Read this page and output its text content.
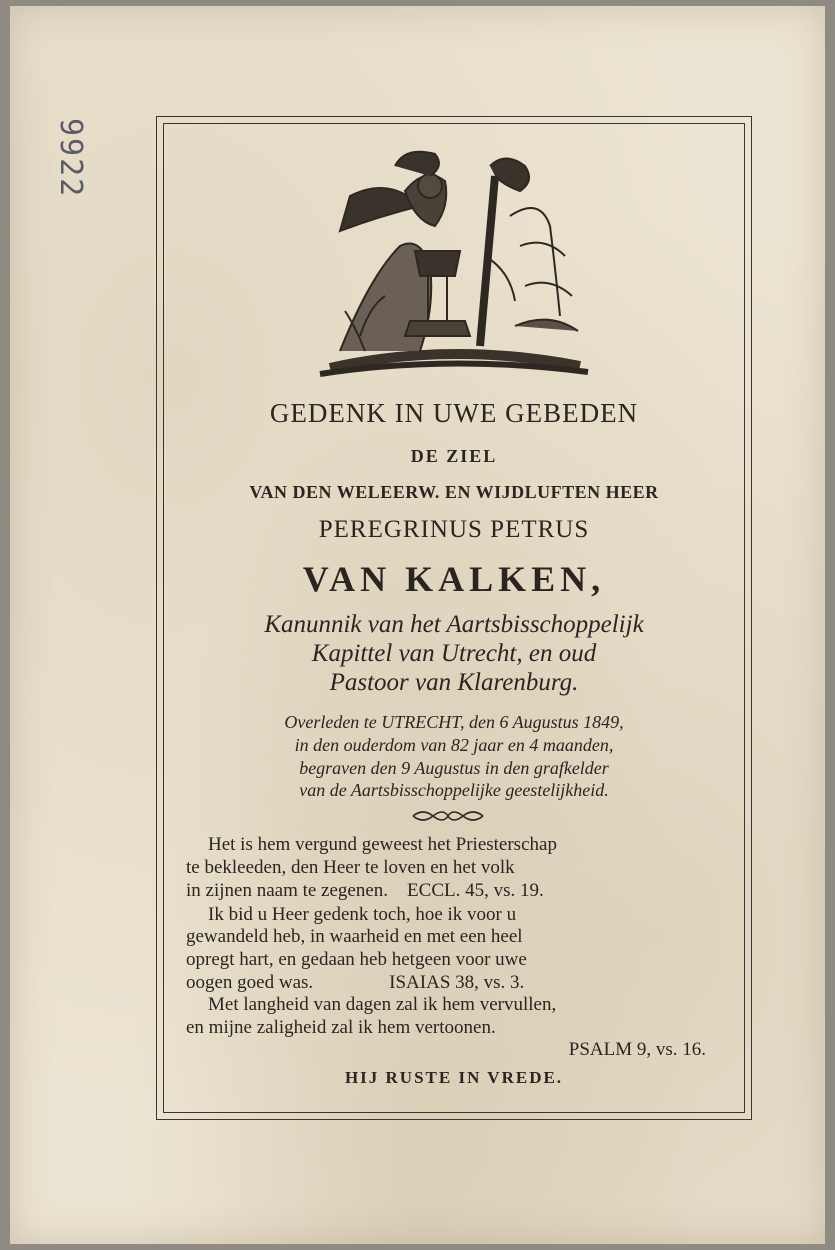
9922
GEDENK IN UWE GEBEDEN
DE ZIEL
VAN DEN WELEERW. EN WIJDLUFTEN HEER
PEREGRINUS PETRUS
VAN KALKEN,
Kanunnik van het Aartsbisschoppelijk
Kapittel van Utrecht, en oud
Pastoor van Klarenburg.
Overleden te UTRECHT, den 6 Augustus 1849,
in den ouderdom van 82 jaar en 4 maanden,
begraven den 9 Augustus in den grafkelder
van de Aartsbisschoppelijke geestelijkheid.
Het is hem vergund geweest het Priesterschap
te bekleeden, den Heer te loven en het volk
in zijnen naam te zegenen.    ECCL. 45, vs. 19.
Ik bid u Heer gedenk toch, hoe ik voor u
gewandeld heb, in waarheid en met een heel
opregt hart, en gedaan heb hetgeen voor uwe
oogen goed was.                ISAIAS 38, vs. 3.
Met langheid van dagen zal ik hem vervullen,
en mijne zaligheid zal ik hem vertoonen.
PSALM 9, vs. 16.
HIJ RUSTE IN VREDE.
